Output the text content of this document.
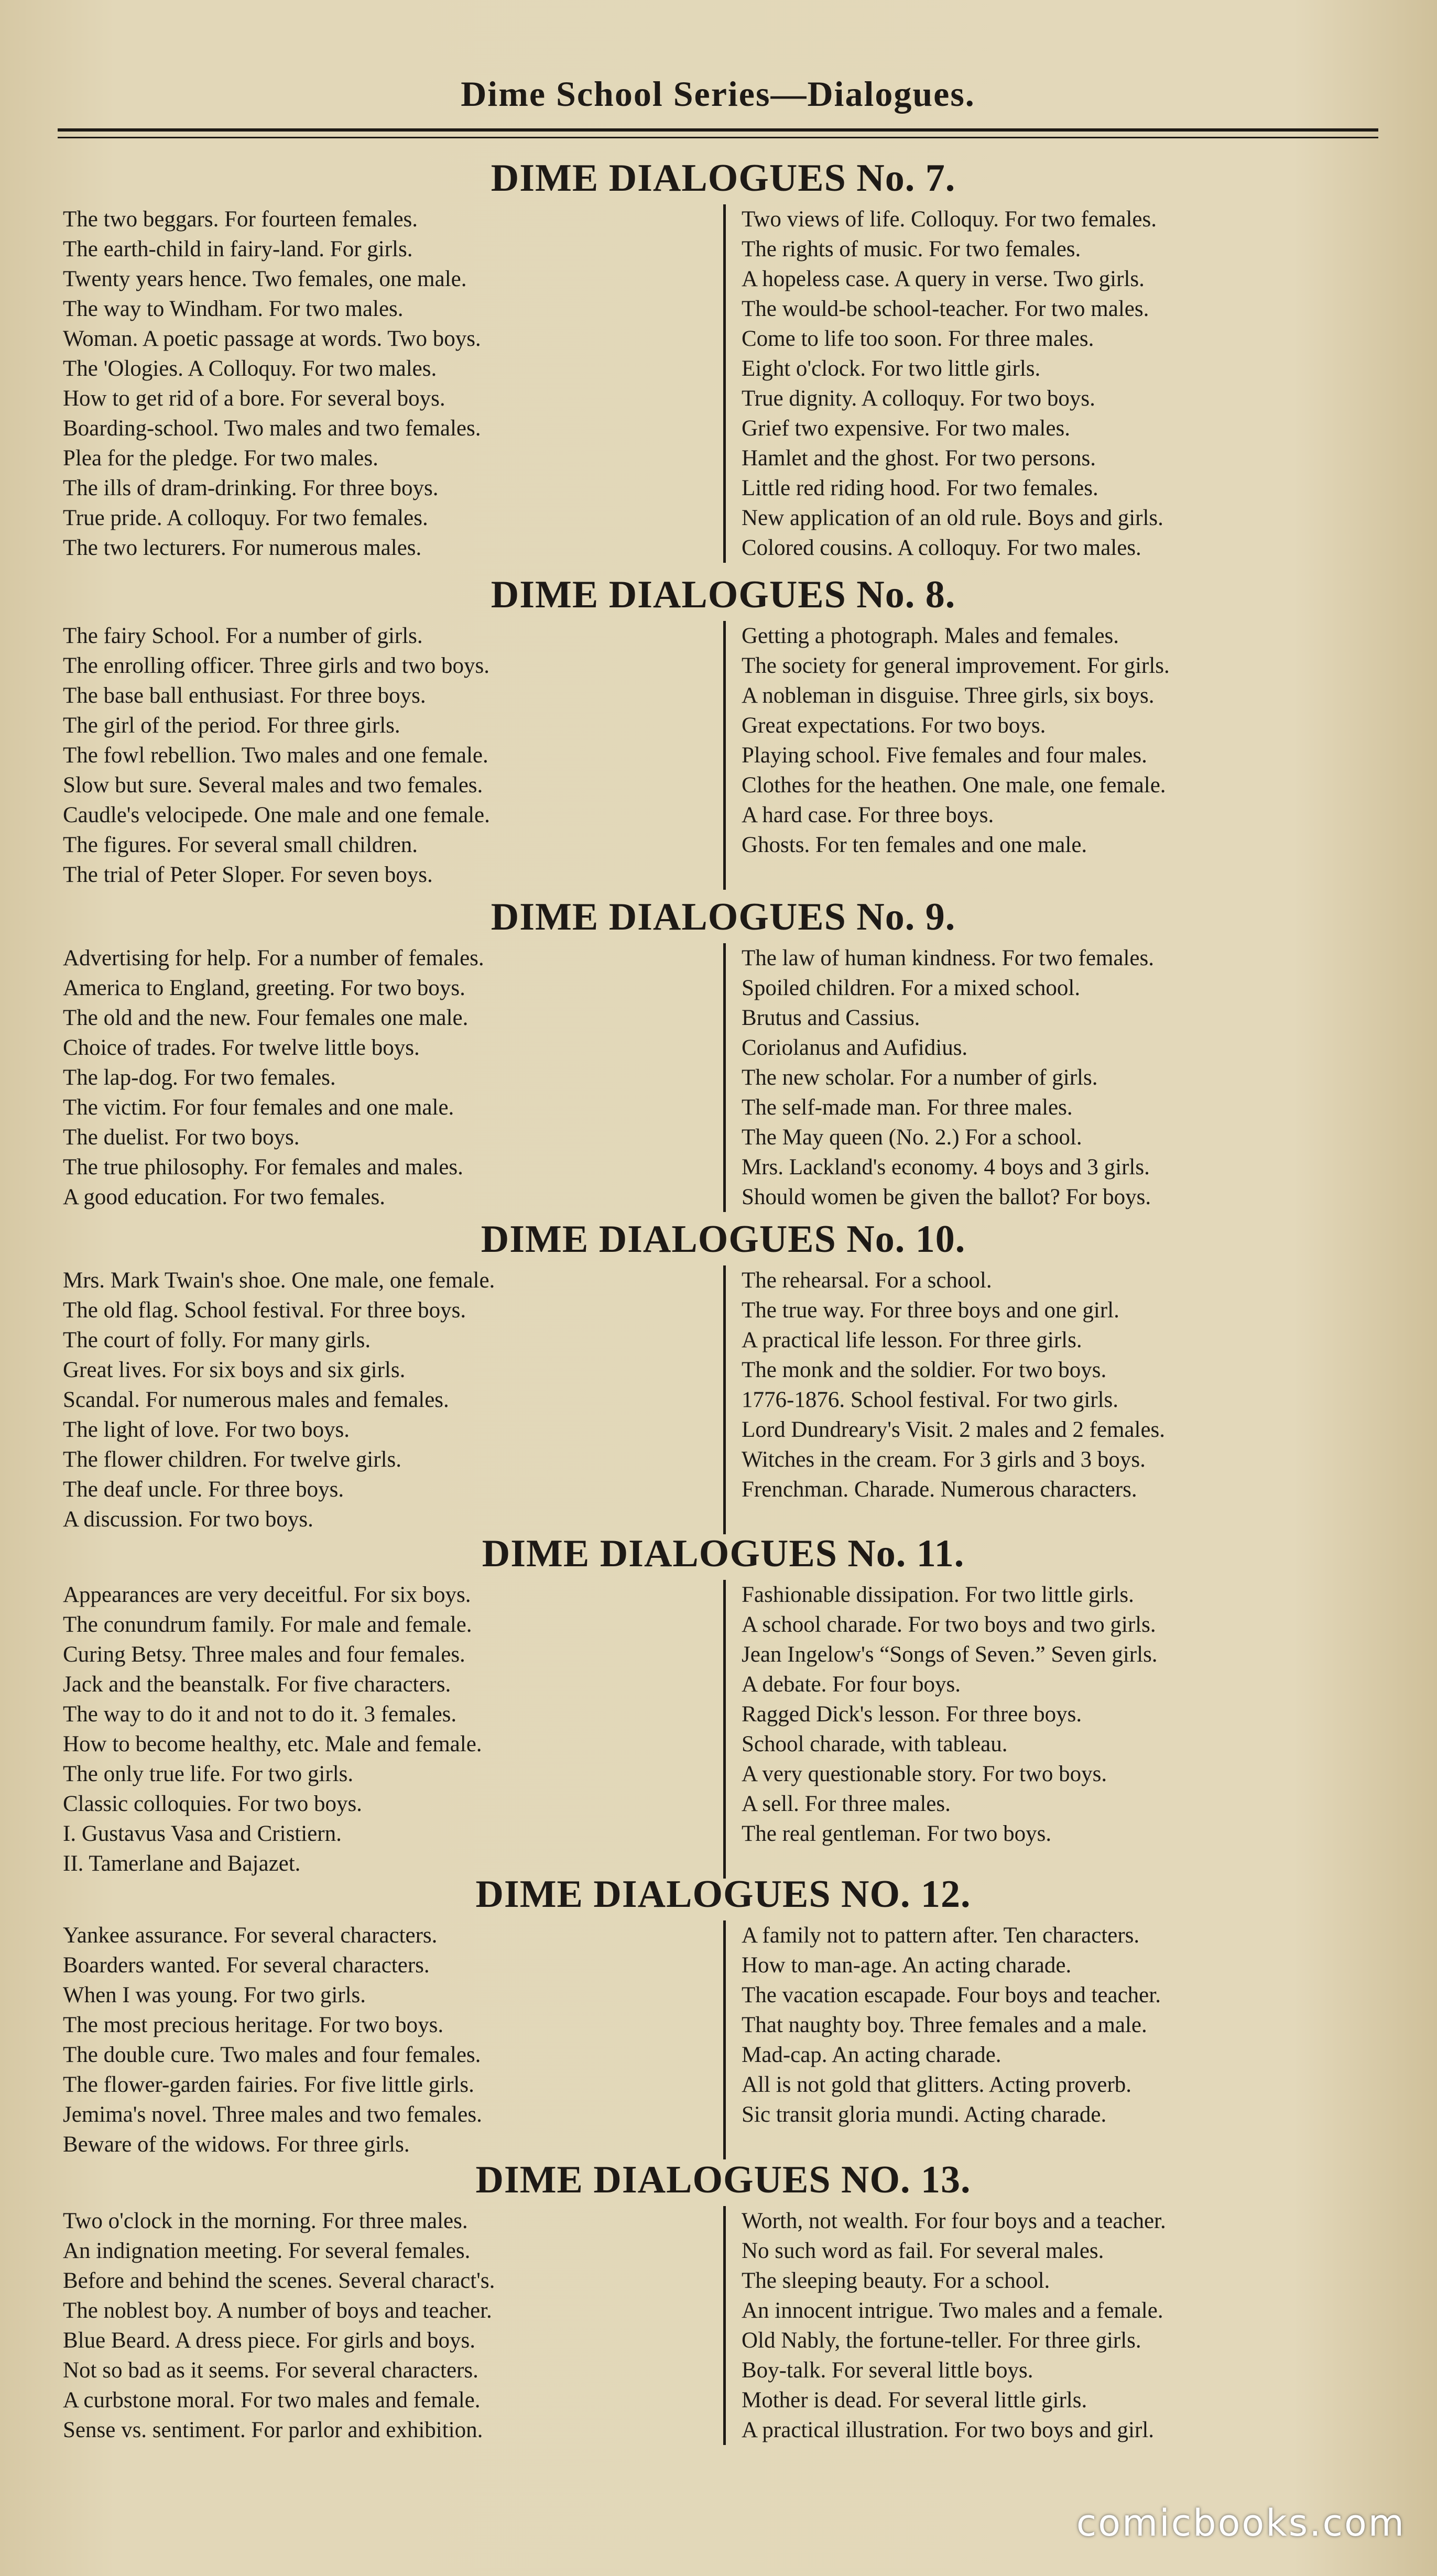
Dime School Series—Dialogues.
DIME DIALOGUES No. 7.
The two beggars. For fourteen females.
The earth-child in fairy-land. For girls.
Twenty years hence. Two females, one male.
The way to Windham. For two males.
Woman. A poetic passage at words. Two boys.
The 'Ologies. A Colloquy. For two males.
How to get rid of a bore. For several boys.
Boarding-school. Two males and two females.
Plea for the pledge. For two males.
The ills of dram-drinking. For three boys.
True pride. A colloquy. For two females.
The two lecturers. For numerous males.
Two views of life. Colloquy. For two females.
The rights of music. For two females.
A hopeless case. A query in verse. Two girls.
The would-be school-teacher. For two males.
Come to life too soon. For three males.
Eight o'clock. For two little girls.
True dignity. A colloquy. For two boys.
Grief two expensive. For two males.
Hamlet and the ghost. For two persons.
Little red riding hood. For two females.
New application of an old rule. Boys and girls.
Colored cousins. A colloquy. For two males.
DIME DIALOGUES No. 8.
The fairy School. For a number of girls.
The enrolling officer. Three girls and two boys.
The base ball enthusiast. For three boys.
The girl of the period. For three girls.
The fowl rebellion. Two males and one female.
Slow but sure. Several males and two females.
Caudle's velocipede. One male and one female.
The figures. For several small children.
The trial of Peter Sloper. For seven boys.
Getting a photograph. Males and females.
The society for general improvement. For girls.
A nobleman in disguise. Three girls, six boys.
Great expectations. For two boys.
Playing school. Five females and four males.
Clothes for the heathen. One male, one female.
A hard case. For three boys.
Ghosts. For ten females and one male.
DIME DIALOGUES No. 9.
Advertising for help. For a number of females.
America to England, greeting. For two boys.
The old and the new. Four females one male.
Choice of trades. For twelve little boys.
The lap-dog. For two females.
The victim. For four females and one male.
The duelist. For two boys.
The true philosophy. For females and males.
A good education. For two females.
The law of human kindness. For two females.
Spoiled children. For a mixed school.
Brutus and Cassius.
Coriolanus and Aufidius.
The new scholar. For a number of girls.
The self-made man. For three males.
The May queen (No. 2.) For a school.
Mrs. Lackland's economy. 4 boys and 3 girls.
Should women be given the ballot? For boys.
DIME DIALOGUES No. 10.
Mrs. Mark Twain's shoe. One male, one female.
The old flag. School festival. For three boys.
The court of folly. For many girls.
Great lives. For six boys and six girls.
Scandal. For numerous males and females.
The light of love. For two boys.
The flower children. For twelve girls.
The deaf uncle. For three boys.
A discussion. For two boys.
The rehearsal. For a school.
The true way. For three boys and one girl.
A practical life lesson. For three girls.
The monk and the soldier. For two boys.
1776-1876. School festival. For two girls.
Lord Dundreary's Visit. 2 males and 2 females.
Witches in the cream. For 3 girls and 3 boys.
Frenchman. Charade. Numerous characters.
DIME DIALOGUES No. 11.
Appearances are very deceitful. For six boys.
The conundrum family. For male and female.
Curing Betsy. Three males and four females.
Jack and the beanstalk. For five characters.
The way to do it and not to do it. 3 females.
How to become healthy, etc. Male and female.
The only true life. For two girls.
Classic colloquies. For two boys.
I. Gustavus Vasa and Cristiern.
II. Tamerlane and Bajazet.
Fashionable dissipation. For two little girls.
A school charade. For two boys and two girls.
Jean Ingelow's “Songs of Seven.” Seven girls.
A debate. For four boys.
Ragged Dick's lesson. For three boys.
School charade, with tableau.
A very questionable story. For two boys.
A sell. For three males.
The real gentleman. For two boys.
DIME DIALOGUES NO. 12.
Yankee assurance. For several characters.
Boarders wanted. For several characters.
When I was young. For two girls.
The most precious heritage. For two boys.
The double cure. Two males and four females.
The flower-garden fairies. For five little girls.
Jemima's novel. Three males and two females.
Beware of the widows. For three girls.
A family not to pattern after. Ten characters.
How to man-age. An acting charade.
The vacation escapade. Four boys and teacher.
That naughty boy. Three females and a male.
Mad-cap. An acting charade.
All is not gold that glitters. Acting proverb.
Sic transit gloria mundi. Acting charade.
DIME DIALOGUES NO. 13.
Two o'clock in the morning. For three males.
An indignation meeting. For several females.
Before and behind the scenes. Several charact's.
The noblest boy. A number of boys and teacher.
Blue Beard. A dress piece. For girls and boys.
Not so bad as it seems. For several characters.
A curbstone moral. For two males and female.
Sense vs. sentiment. For parlor and exhibition.
Worth, not wealth. For four boys and a teacher.
No such word as fail. For several males.
The sleeping beauty. For a school.
An innocent intrigue. Two males and a female.
Old Nably, the fortune-teller. For three girls.
Boy-talk. For several little boys.
Mother is dead. For several little girls.
A practical illustration. For two boys and girl.
comicbooks.com
